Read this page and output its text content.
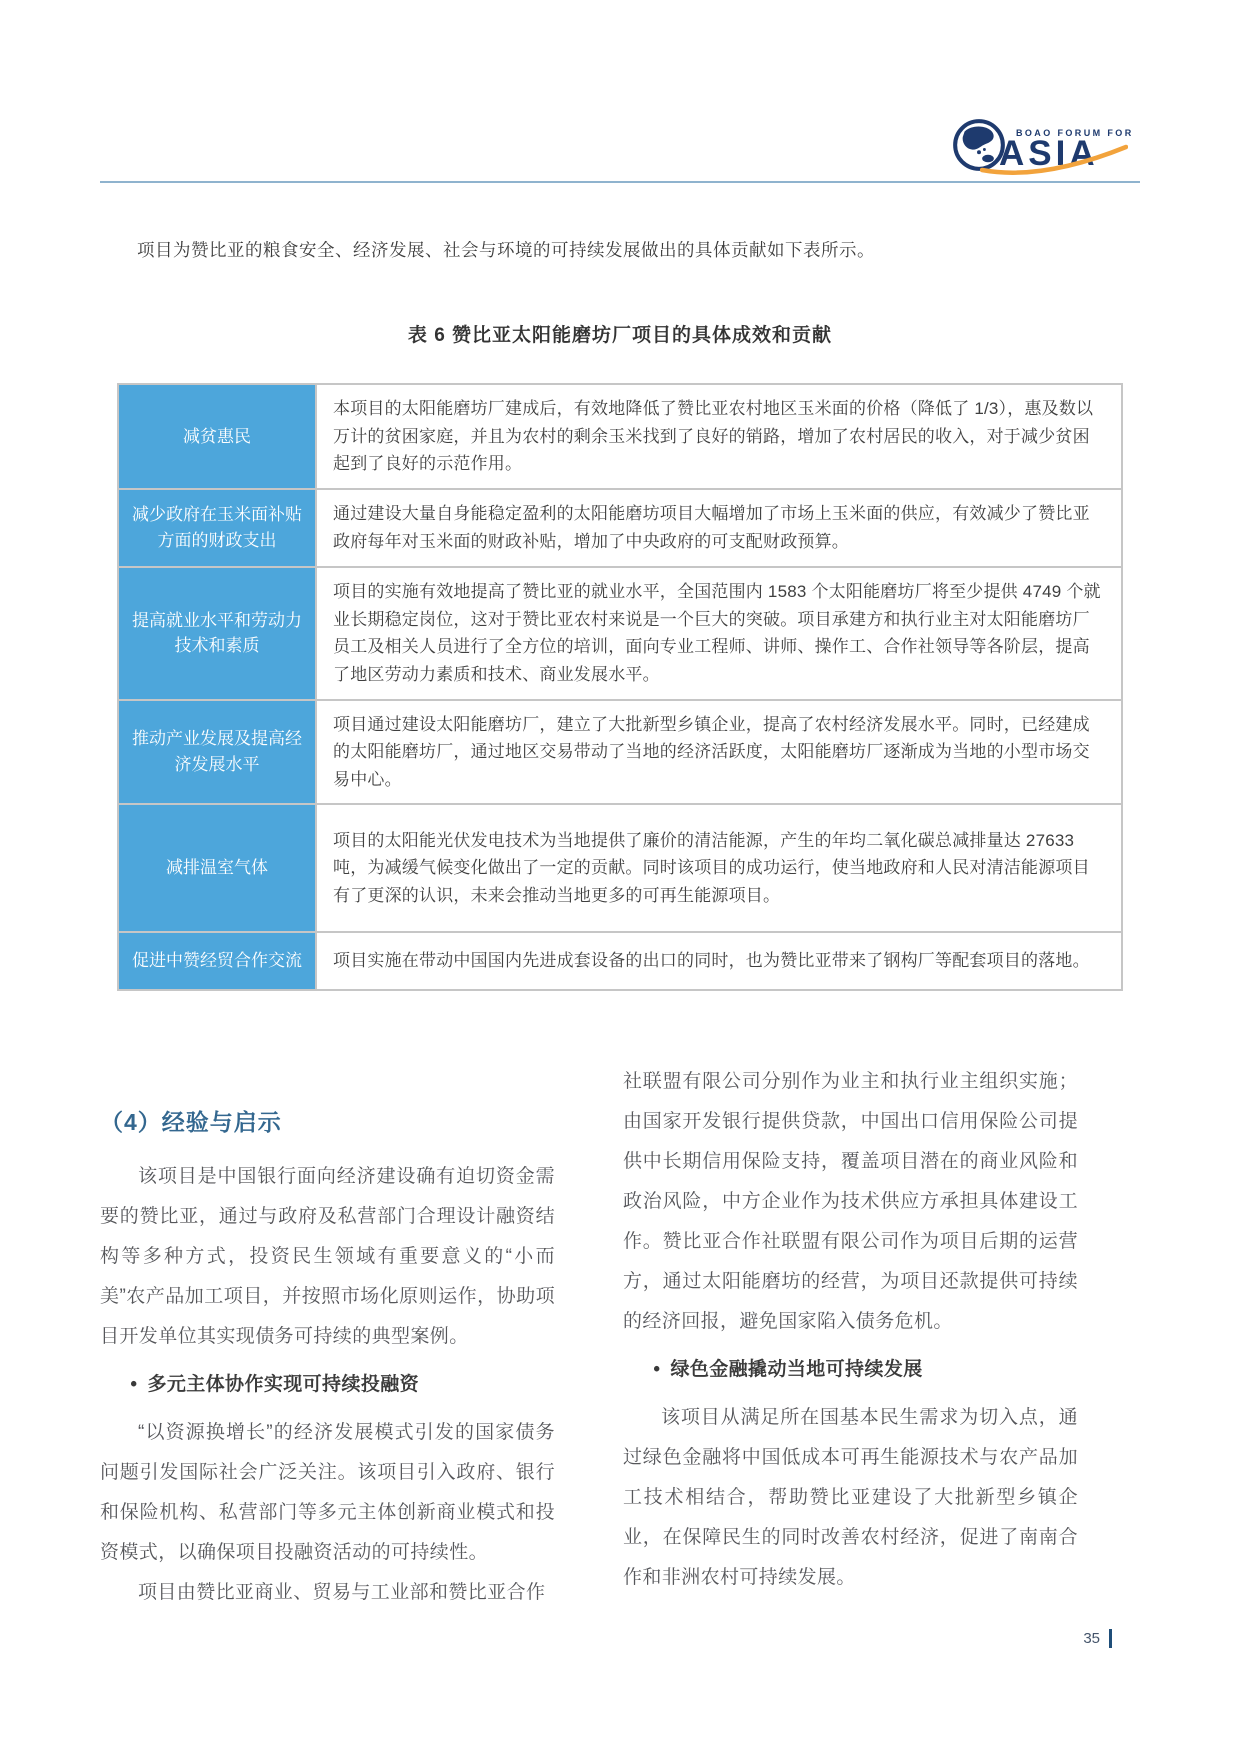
BOAO FORUM FOR
ASIA

项目为赞比亚的粮食安全、经济发展、社会与环境的可持续发展做出的具体贡献如下表所示。

表 6 赞比亚太阳能磨坊厂项目的具体成效和贡献
减贫惠民	本项目的太阳能磨坊厂建成后，有效地降低了赞比亚农村地区玉米面的价格（降低了 1/3），惠及数以万计的贫困家庭，并且为农村的剩余玉米找到了良好的销路，增加了农村居民的收入，对于减少贫困起到了良好的示范作用。
减少政府在玉米面补贴方面的财政支出	通过建设大量自身能稳定盈利的太阳能磨坊项目大幅增加了市场上玉米面的供应，有效减少了赞比亚政府每年对玉米面的财政补贴，增加了中央政府的可支配财政预算。
提高就业水平和劳动力技术和素质	项目的实施有效地提高了赞比亚的就业水平，全国范围内 1583 个太阳能磨坊厂将至少提供 4749 个就业长期稳定岗位，这对于赞比亚农村来说是一个巨大的突破。项目承建方和执行业主对太阳能磨坊厂员工及相关人员进行了全方位的培训，面向专业工程师、讲师、操作工、合作社领导等各阶层，提高了地区劳动力素质和技术、商业发展水平。
推动产业发展及提高经济发展水平	项目通过建设太阳能磨坊厂，建立了大批新型乡镇企业，提高了农村经济发展水平。同时，已经建成的太阳能磨坊厂，通过地区交易带动了当地的经济活跃度，太阳能磨坊厂逐渐成为当地的小型市场交易中心。
减排温室气体	项目的太阳能光伏发电技术为当地提供了廉价的清洁能源，产生的年均二氧化碳总减排量达 27633 吨，为减缓气候变化做出了一定的贡献。同时该项目的成功运行，使当地政府和人民对清洁能源项目有了更深的认识，未来会推动当地更多的可再生能源项目。
促进中赞经贸合作交流	项目实施在带动中国国内先进成套设备的出口的同时，也为赞比亚带来了钢构厂等配套项目的落地。
（4）经验与启示

该项目是中国银行面向经济建设确有迫切资金需要的赞比亚，通过与政府及私营部门合理设计融资结构等多种方式，投资民生领域有重要意义的“小而美”农产品加工项目，并按照市场化原则运作，协助项目开发单位其实现债务可持续的典型案例。

• 多元主体协作实现可持续投融资

“以资源换增长”的经济发展模式引发的国家债务问题引发国际社会广泛关注。该项目引入政府、银行和保险机构、私营部门等多元主体创新商业模式和投资模式，以确保项目投融资活动的可持续性。

项目由赞比亚商业、贸易与工业部和赞比亚合作

社联盟有限公司分别作为业主和执行业主组织实施；由国家开发银行提供贷款，中国出口信用保险公司提供中长期信用保险支持，覆盖项目潜在的商业风险和政治风险，中方企业作为技术供应方承担具体建设工作。赞比亚合作社联盟有限公司作为项目后期的运营方，通过太阳能磨坊的经营，为项目还款提供可持续的经济回报，避免国家陷入债务危机。

• 绿色金融撬动当地可持续发展

该项目从满足所在国基本民生需求为切入点，通过绿色金融将中国低成本可再生能源技术与农产品加工技术相结合，帮助赞比亚建设了大批新型乡镇企业，在保障民生的同时改善农村经济，促进了南南合作和非洲农村可持续发展。

35
